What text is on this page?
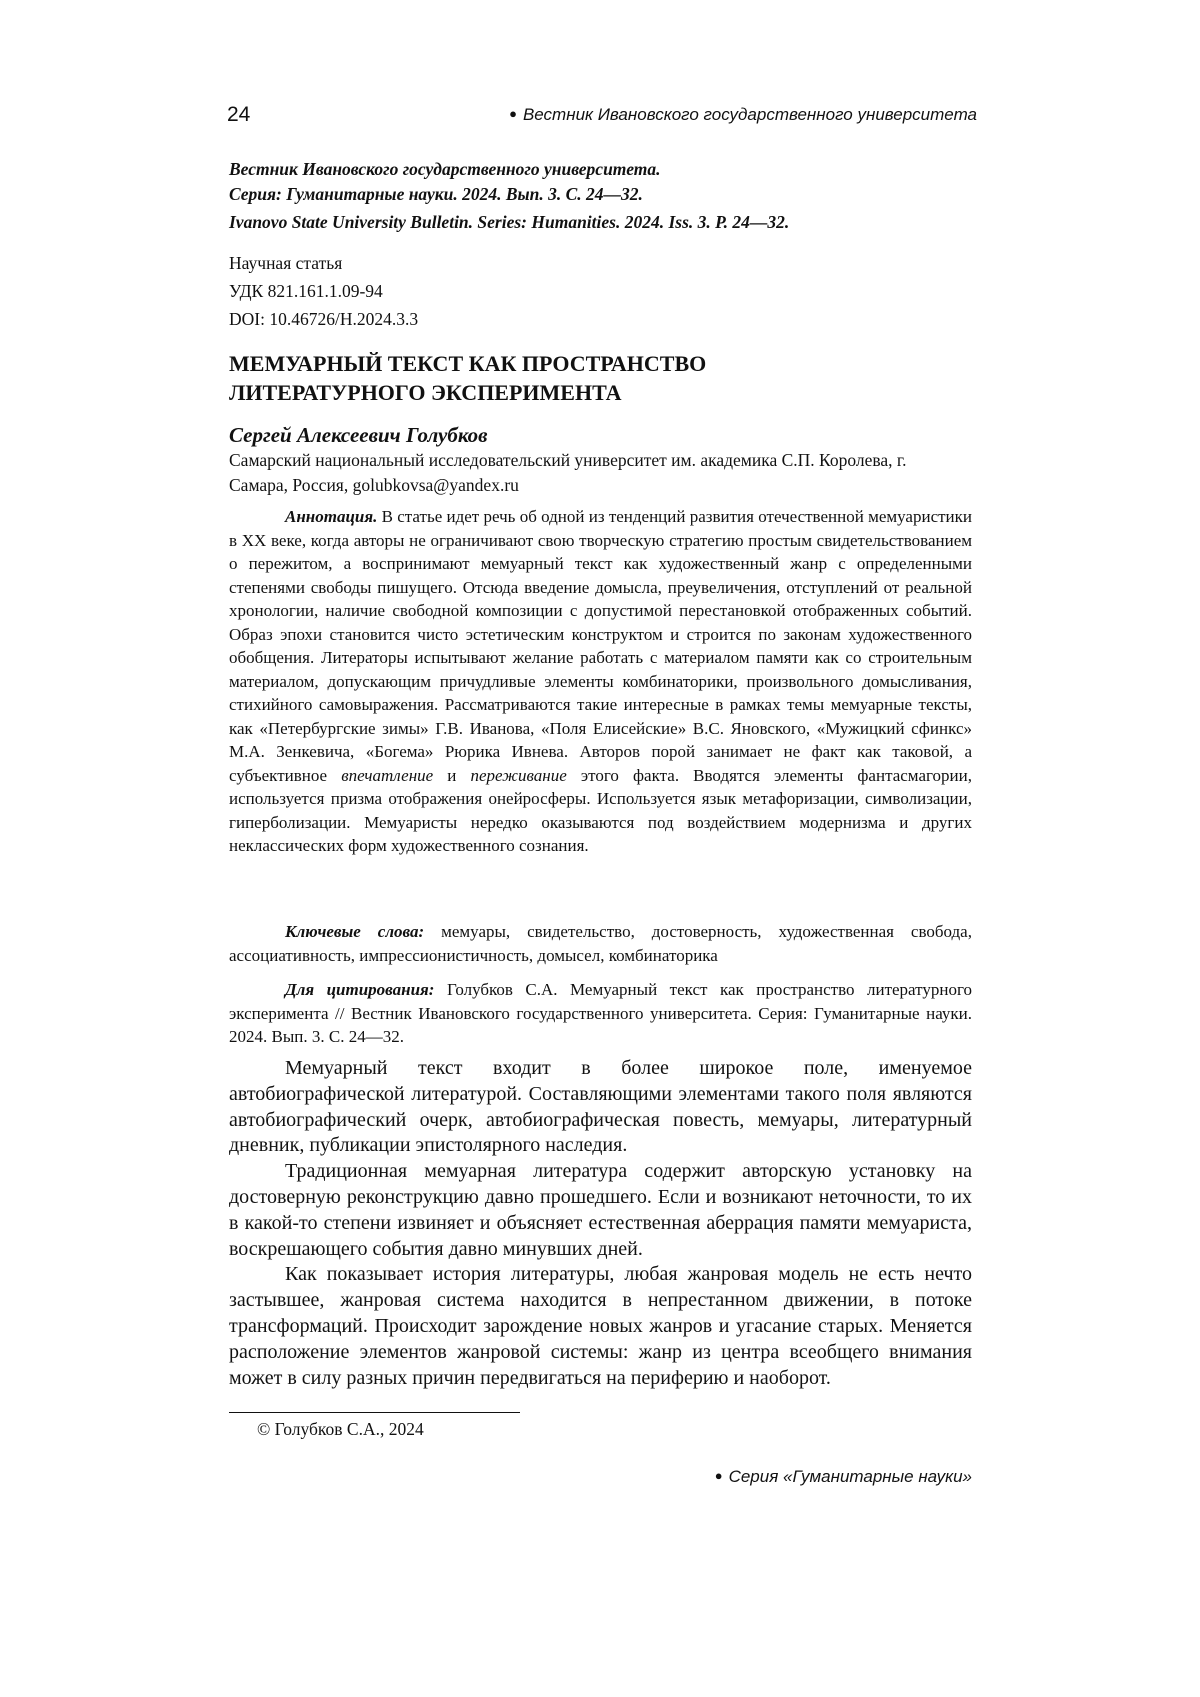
24	● Вестник Ивановского государственного университета
Вестник Ивановского государственного университета.
Серия: Гуманитарные науки. 2024. Вып. 3. С. 24—32.
Ivanovo State University Bulletin. Series: Humanities. 2024. Iss. 3. P. 24—32.
Научная статья
УДК 821.161.1.09-94
DOI: 10.46726/H.2024.3.3
МЕМУАРНЫЙ ТЕКСТ КАК ПРОСТРАНСТВО
ЛИТЕРАТУРНОГО ЭКСПЕРИМЕНТА
Сергей Алексеевич Голубков
Самарский национальный исследовательский университет им. академика С.П. Королева, г. Самара, Россия, golubkovsa@yandex.ru
Аннотация. В статье идет речь об одной из тенденций развития отечественной мемуаристики в XX веке, когда авторы не ограничивают свою творческую стратегию простым свидетельствованием о пережитом, а воспринимают мемуарный текст как художественный жанр с определенными степенями свободы пишущего. Отсюда введение домысла, преувеличения, отступлений от реальной хронологии, наличие свободной композиции с допустимой перестановкой отображенных событий. Образ эпохи становится чисто эстетическим конструктом и строится по законам художественного обобщения. Литераторы испытывают желание работать с материалом памяти как со строительным материалом, допускающим причудливые элементы комбинаторики, произвольного домысливания, стихийного самовыражения. Рассматриваются такие интересные в рамках темы мемуарные тексты, как «Петербургские зимы» Г.В. Иванова, «Поля Елисейские» В.С. Яновского, «Мужицкий сфинкс» М.А. Зенкевича, «Богема» Рюрика Ивнева. Авторов порой занимает не факт как таковой, а субъективное впечатление и переживание этого факта. Вводятся элементы фантасмагории, используется призма отображения онейросферы. Используется язык метафоризации, символизации, гиперболизации. Мемуаристы нередко оказываются под воздействием модернизма и других неклассических форм художественного сознания.
Ключевые слова: мемуары, свидетельство, достоверность, художественная свобода, ассоциативность, импрессионистичность, домысел, комбинаторика
Для цитирования: Голубков С.А. Мемуарный текст как пространство литературного эксперимента // Вестник Ивановского государственного университета. Серия: Гуманитарные науки. 2024. Вып. 3. С. 24—32.

Мемуарный текст входит в более широкое поле, именуемое автобиографической литературой. Составляющими элементами такого поля являются автобиографический очерк, автобиографическая повесть, мемуары, литературный дневник, публикации эпистолярного наследия.

Традиционная мемуарная литература содержит авторскую установку на достоверную реконструкцию давно прошедшего. Если и возникают неточности, то их в какой-то степени извиняет и объясняет естественная аберрация памяти мемуариста, воскрешающего события давно минувших дней.

Как показывает история литературы, любая жанровая модель не есть нечто застывшее, жанровая система находится в непрестанном движении, в потоке трансформаций. Происходит зарождение новых жанров и угасание старых. Меняется расположение элементов жанровой системы: жанр из центра всеобщего внимания может в силу разных причин передвигаться на периферию и наоборот.

© Голубков С.А., 2024
● Серия «Гуманитарные науки»
